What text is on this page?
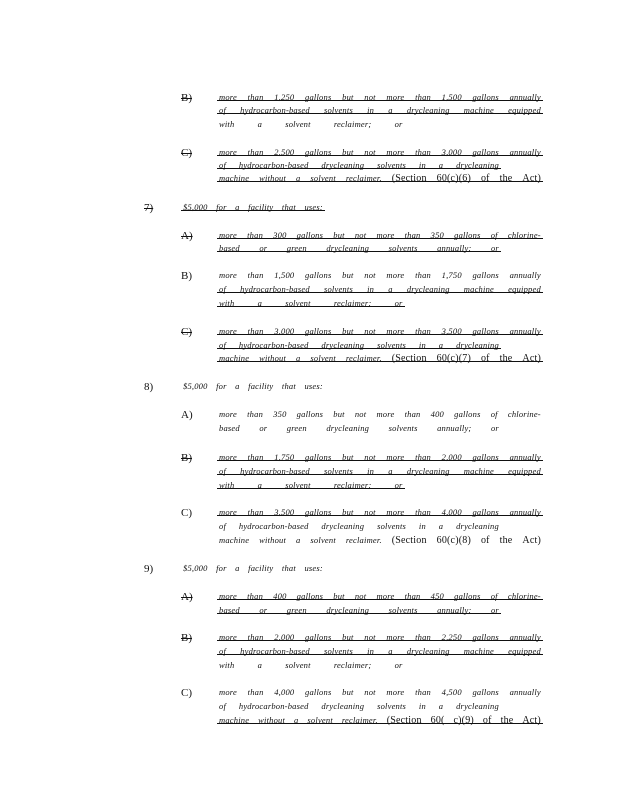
B)	more than 1,250 gallons but not more than 1,500 gallons annually
of hydrocarbon-based solvents in a drycleaning machine equipped
with	a	solvent	reclaimer;	or
C)	more than 2,500 gallons but not more than 3,000 gallons annually
of hydrocarbon-based drycleaning solvents in a drycleaning
machine without a solvent reclaimer. (Section 60(c)(6) of the Act)
7)	$5,000 for a facility that uses:
A)	more than 300 gallons but not more than 350 gallons of chlorine-
based or green drycleaning solvents annually; or
B)	more than 1,500 gallons but not more than 1,750 gallons annually
of hydrocarbon-based solvents in a drycleaning machine equipped
with	a	solvent	reclaimer;	or
C)	more than 3,000 gallons but not more than 3,500 gallons annually
of hydrocarbon-based drycleaning solvents in a drycleaning
machine without a solvent reclaimer. (Section 60(c)(7) of the Act)
8)	$5,000 for a facility that uses:
A)	more than 350 gallons but not more than 400 gallons of chlorine-
based or green drycleaning solvents annually; or
B)	more than 1,750 gallons but not more than 2,000 gallons annually
of hydrocarbon-based solvents in a drycleaning machine equipped
with	a	solvent	reclaimer;	or
C)	more than 3,500 gallons but not more than 4,000 gallons annually
of hydrocarbon-based drycleaning solvents in a drycleaning
machine without a solvent reclaimer. (Section 60(c)(8) of the Act)
9)	$5,000 for a facility that uses:
A)	more than 400 gallons but not more than 450 gallons of chlorine-
based or green drycleaning solvents annually; or
B)	more than 2,000 gallons but not more than 2,250 gallons annually
of hydrocarbon-based solvents in a drycleaning machine equipped
with	a	solvent	reclaimer;	or
C)	more than 4,000 gallons but not more than 4,500 gallons annually
of hydrocarbon-based drycleaning solvents in a drycleaning
machine without a solvent reclaimer. (Section 60( c)(9) of the Act)
